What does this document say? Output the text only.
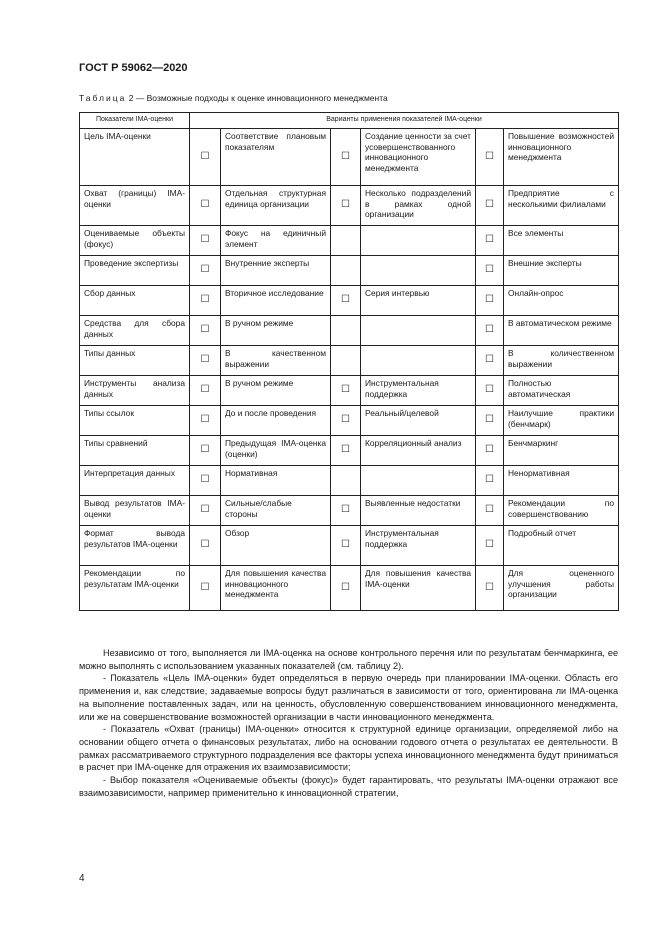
ГОСТ Р 59062—2020
Таблица 2 — Возможные подходы к оценке инновационного менеджмента
Показатели IMA-оценки	Варианты применения показателей IMA-оценки					
Цель IMA-оценки	☐	Соответствие плановым показателям	☐	Создание ценности за счет усовершенствованного инновационного менеджмента	☐	Повышение возможностей инновационного менеджмента
Охват (границы) IMA-оценки	☐	Отдельная структурная единица организации	☐	Несколько подразделений в рамках одной организации	☐	Предприятие с несколькими филиалами
Оцениваемые объекты (фокус)	☐	Фокус на единичный элемент			☐	Все элементы
Проведение экспертизы	☐	Внутренние эксперты			☐	Внешние эксперты
Сбор данных	☐	Вторичное исследование	☐	Серия интервью	☐	Онлайн-опрос
Средства для сбора данных	☐	В ручном режиме			☐	В автоматическом режиме
Типы данных	☐	В качественном выражении			☐	В количественном выражении
Инструменты анализа данных	☐	В ручном режиме	☐	Инструментальная поддержка	☐	Полностью автоматическая
Типы ссылок	☐	До и после проведения	☐	Реальный/целевой	☐	Наилучшие практики (бенчмарк)
Типы сравнений	☐	Предыдущая IMA-оценка (оценки)	☐	Корреляционный анализ	☐	Бенчмаркинг
Интерпретация данных	☐	Нормативная			☐	Ненормативная
Вывод результатов IMA-оценки	☐	Сильные/слабые стороны	☐	Выявленные недостатки	☐	Рекомендации по совершенствованию
Формат вывода результатов IMA-оценки	☐	Обзор	☐	Инструментальная поддержка	☐	Подробный отчет
Рекомендации по результатам IMA-оценки	☐	Для повышения качества инновационного менеджмента	☐	Для повышения качества IMA-оценки	☐	Для оцененного улучшения работы организации

Независимо от того, выполняется ли IMA-оценка на основе контрольного перечня или по результатам бенчмаркинга, ее можно выполнять с использованием указанных показателей (см. таблицу 2).

- Показатель «Цель IMA-оценки» будет определяться в первую очередь при планировании IMA-оценки. Область его применения и, как следствие, задаваемые вопросы будут различаться в зависимости от того, ориентирована ли IMA-оценка на выполнение поставленных задач, или на ценность, обусловленную совершенствованием инновационного менеджмента, или же на совершенствование возможностей организации в части инновационного менеджмента.

- Показатель «Охват (границы) IMA-оценки» относится к структурной единице организации, определяемой либо на основании общего отчета о финансовых результатах, либо на основании годового отчета о результатах ее деятельности. В рамках рассматриваемого структурного подразделения все факторы успеха инновационного менеджмента будут приниматься в расчет при IMA-оценке для отражения их взаимозависимости;

- Выбор показателя «Оцениваемые объекты (фокус)» будет гарантировать, что результаты IMA-оценки отражают все взаимозависимости, например применительно к инновационной стратегии,

4
